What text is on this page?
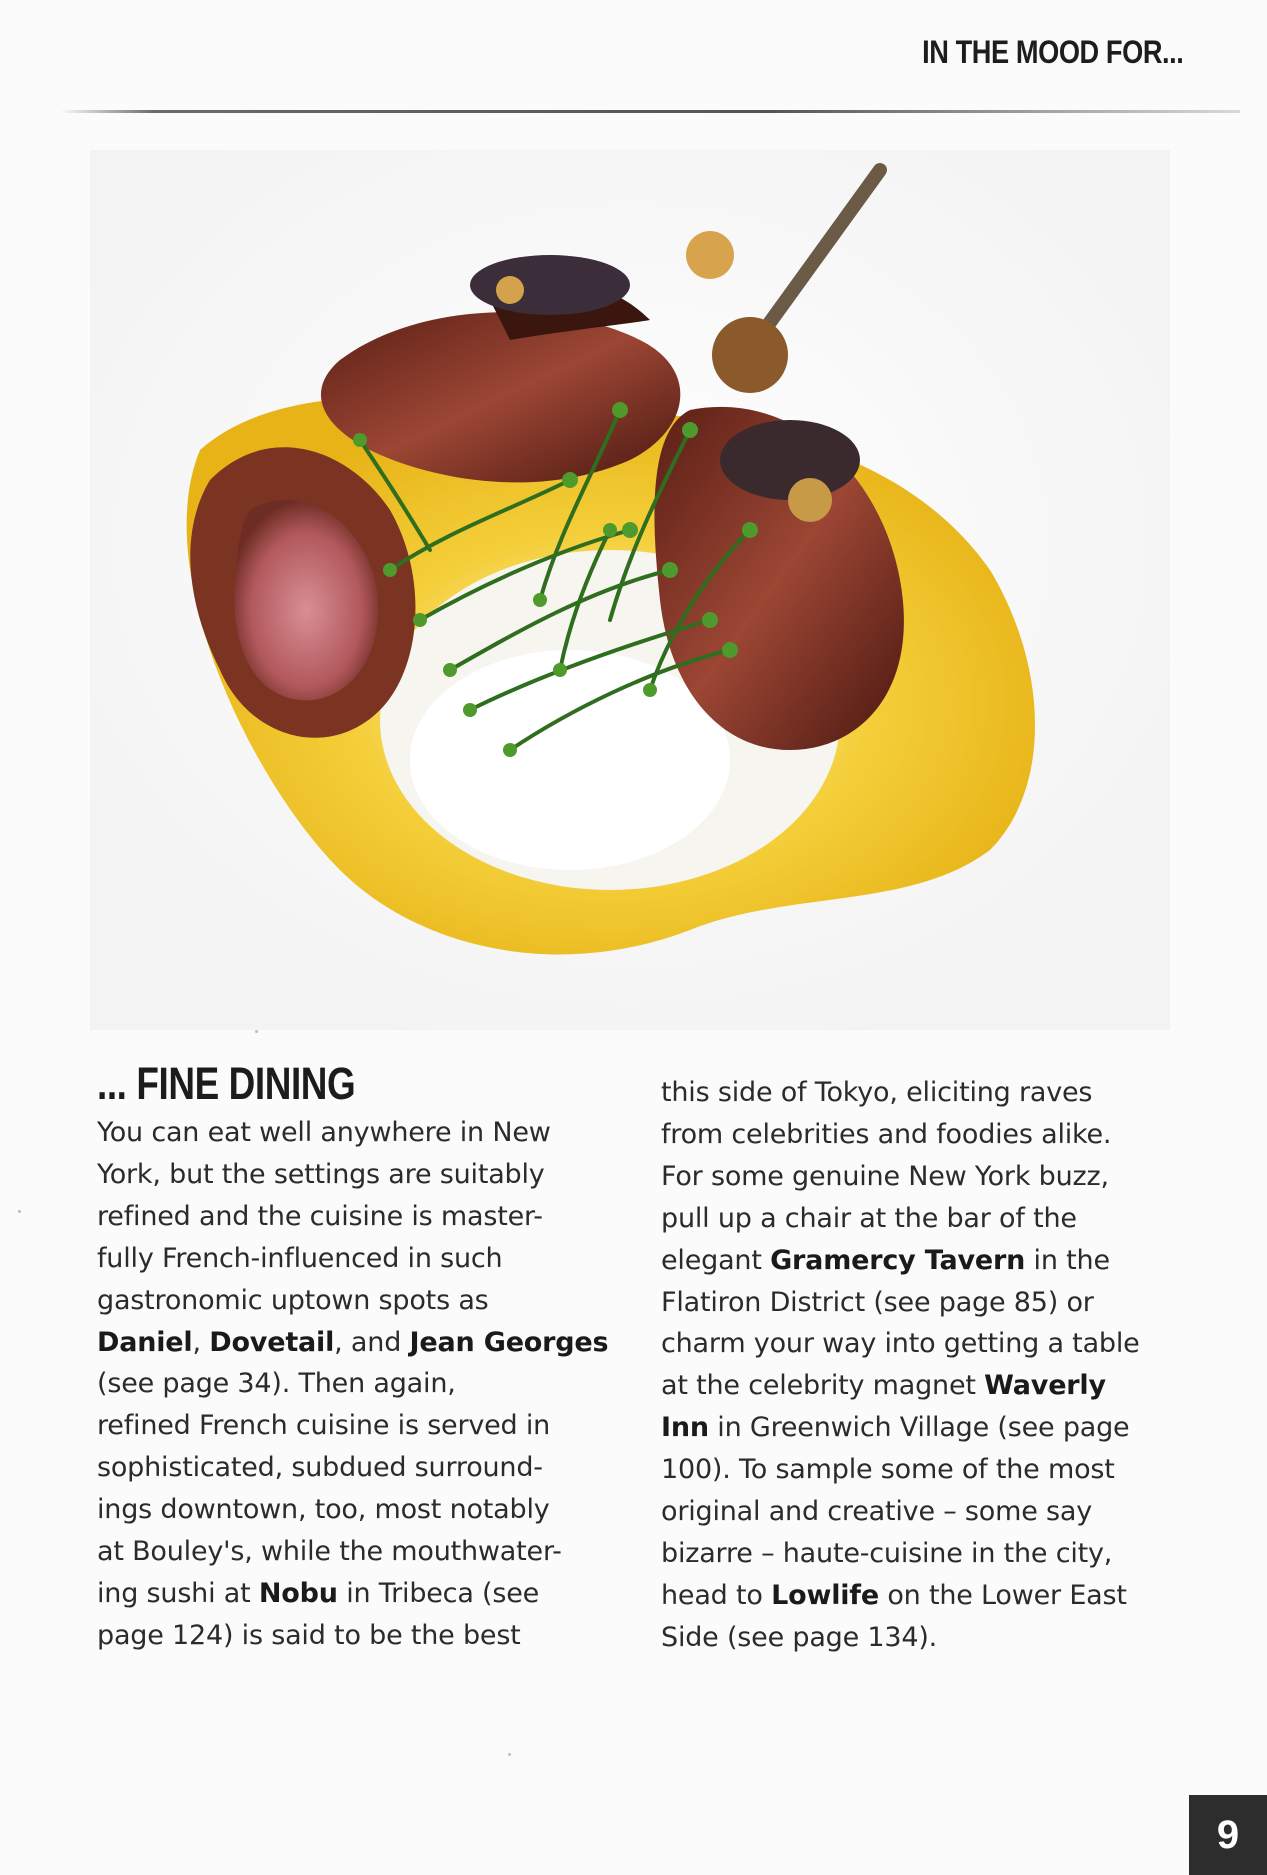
IN THE MOOD FOR...
... FINE DINING
You can eat well anywhere in New
York, but the settings are suitably
refined and the cuisine is master-
fully French-influenced in such
gastronomic uptown spots as
Daniel, Dovetail, and Jean Georges
(see page 34). Then again,
refined French cuisine is served in
sophisticated, subdued surround-
ings downtown, too, most notably
at Bouley's, while the mouthwater-
ing sushi at Nobu in Tribeca (see
page 124) is said to be the best
this side of Tokyo, eliciting raves
from celebrities and foodies alike.
For some genuine New York buzz,
pull up a chair at the bar of the
elegant Gramercy Tavern in the
Flatiron District (see page 85) or
charm your way into getting a table
at the celebrity magnet Waverly
Inn in Greenwich Village (see page
100). To sample some of the most
original and creative – some say
bizarre – haute-cuisine in the city,
head to Lowlife on the Lower East
Side (see page 134).
9
